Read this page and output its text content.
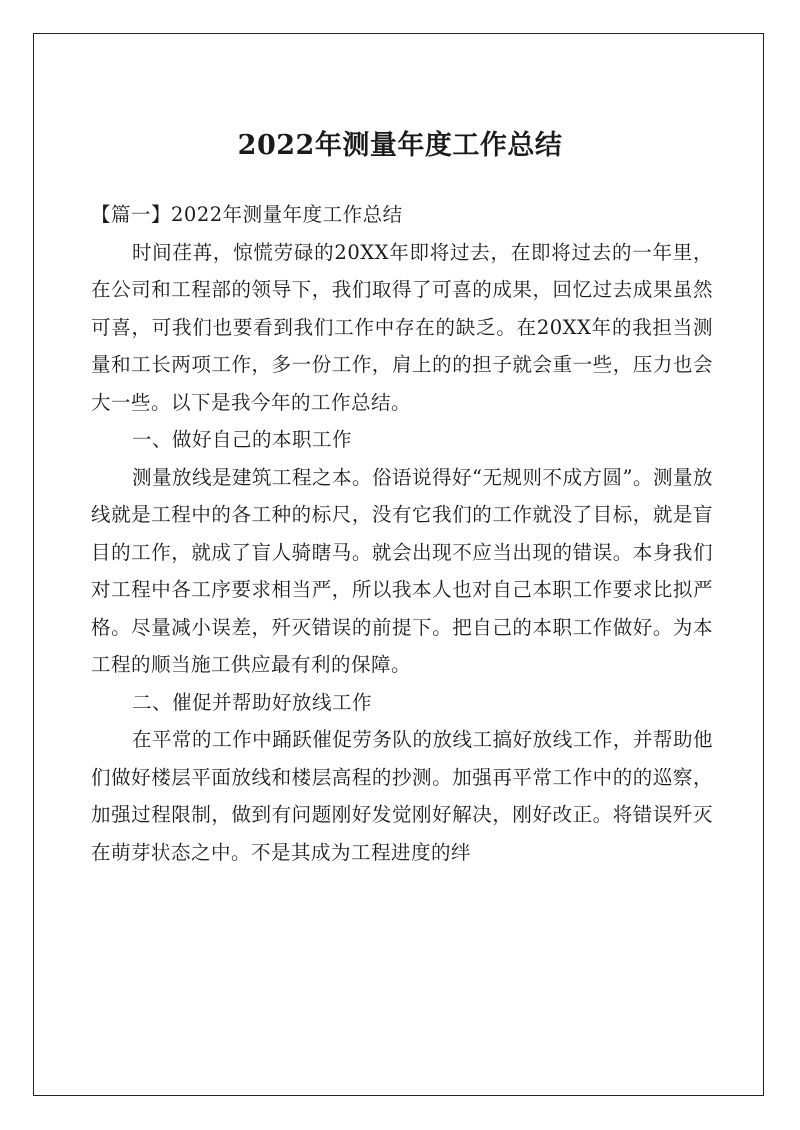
2022年测量年度工作总结

【篇一】2022年测量年度工作总结

时间荏苒，惊慌劳碌的20XX年即将过去，在即将过去的一年里，在公司和工程部的领导下，我们取得了可喜的成果，回忆过去成果虽然可喜，可我们也要看到我们工作中存在的缺乏。在20XX年的我担当测量和工长两项工作，多一份工作，肩上的的担子就会重一些，压力也会大一些。以下是我今年的工作总结。

一、做好自己的本职工作

测量放线是建筑工程之本。俗语说得好“无规则不成方圆”。测量放线就是工程中的各工种的标尺，没有它我们的工作就没了目标，就是盲目的工作，就成了盲人骑瞎马。就会出现不应当出现的错误。本身我们对工程中各工序要求相当严，所以我本人也对自己本职工作要求比拟严格。尽量减小误差，歼灭错误的前提下。把自己的本职工作做好。为本工程的顺当施工供应最有利的保障。

二、催促并帮助好放线工作

在平常的工作中踊跃催促劳务队的放线工搞好放线工作，并帮助他们做好楼层平面放线和楼层高程的抄测。加强再平常工作中的的巡察，加强过程限制，做到有问题刚好发觉刚好解决，刚好改正。将错误歼灭在萌芽状态之中。不是其成为工程进度的绊
